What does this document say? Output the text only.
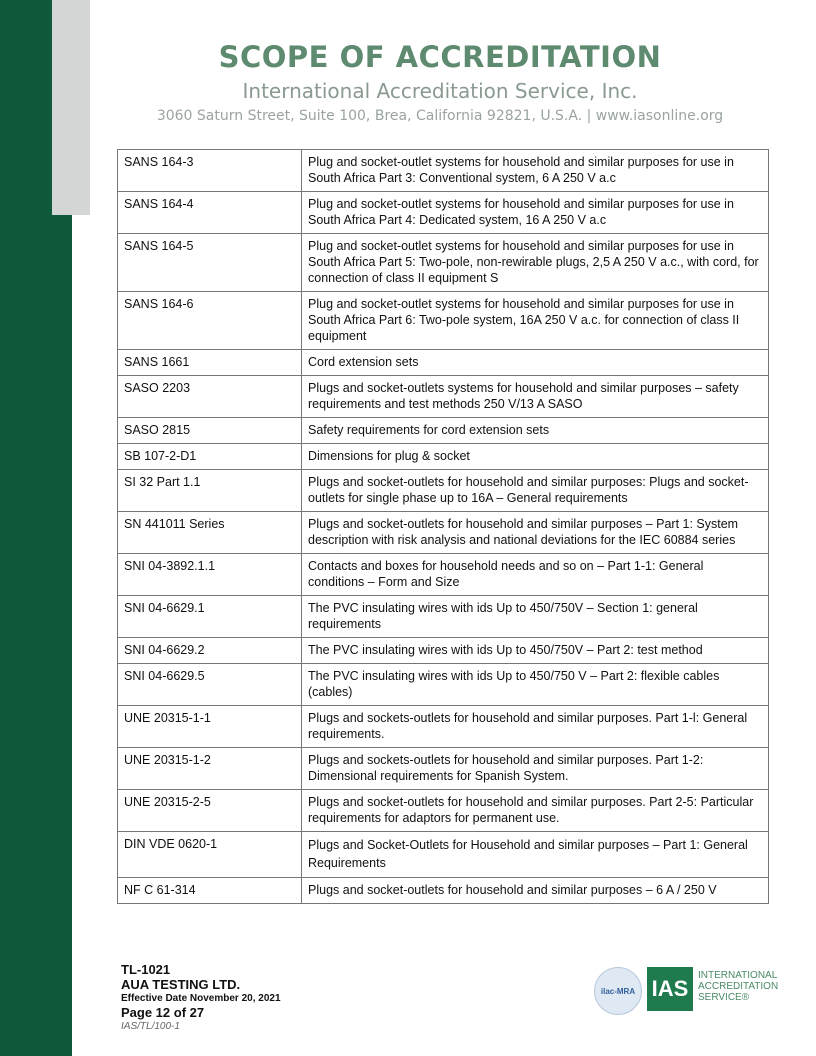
SCOPE OF ACCREDITATION
International Accreditation Service, Inc.
3060 Saturn Street, Suite 100, Brea, California 92821, U.S.A. | www.iasonline.org
SANS 164-3	Plug and socket-outlet systems for household and similar purposes for use in South Africa Part 3: Conventional system, 6 A 250 V a.c
SANS 164-4	Plug and socket-outlet systems for household and similar purposes for use in South Africa Part 4: Dedicated system, 16 A 250 V a.c
SANS 164-5	Plug and socket-outlet systems for household and similar purposes for use in South Africa Part 5: Two-pole, non-rewirable plugs, 2,5 A 250 V a.c., with cord, for connection of class II equipment S
SANS 164-6	Plug and socket-outlet systems for household and similar purposes for use in South Africa Part 6: Two-pole system, 16A 250 V a.c. for connection of class II equipment
SANS 1661	Cord extension sets
SASO 2203	Plugs and socket-outlets systems for household and similar purposes – safety requirements and test methods 250 V/13 A SASO
SASO 2815	Safety requirements for cord extension sets
SB 107-2-D1	Dimensions for plug & socket
SI 32 Part 1.1	Plugs and socket-outlets for household and similar purposes: Plugs and socket-outlets for single phase up to 16A – General requirements
SN 441011 Series	Plugs and socket-outlets for household and similar purposes – Part 1: System description with risk analysis and national deviations for the IEC 60884 series
SNI 04-3892.1.1	Contacts and boxes for household needs and so on – Part 1-1: General conditions – Form and Size
SNI 04-6629.1	The PVC insulating wires with ids Up to 450/750V – Section 1: general requirements
SNI 04-6629.2	The PVC insulating wires with ids Up to 450/750V – Part 2: test method
SNI 04-6629.5	The PVC insulating wires with ids Up to 450/750 V – Part 2: flexible cables (cables)
UNE 20315-1-1	Plugs and sockets-outlets for household and similar purposes. Part 1-l: General requirements.
UNE 20315-1-2	Plugs and sockets-outlets for household and similar purposes. Part 1-2: Dimensional requirements for Spanish System.
UNE 20315-2-5	Plugs and socket-outlets for household and similar purposes. Part 2-5: Particular requirements for adaptors for permanent use.
DIN VDE 0620-1	Plugs and Socket-Outlets for Household and similar purposes – Part 1: General Requirements
NF C 61-314	Plugs and socket-outlets for household and similar purposes – 6 A / 250 V
TL-1021
AUA TESTING LTD.
Effective Date November 20, 2021
Page 12 of 27
IAS/TL/100-1
ilac-MRA IAS
INTERNATIONAL
ACCREDITATION
SERVICE®
